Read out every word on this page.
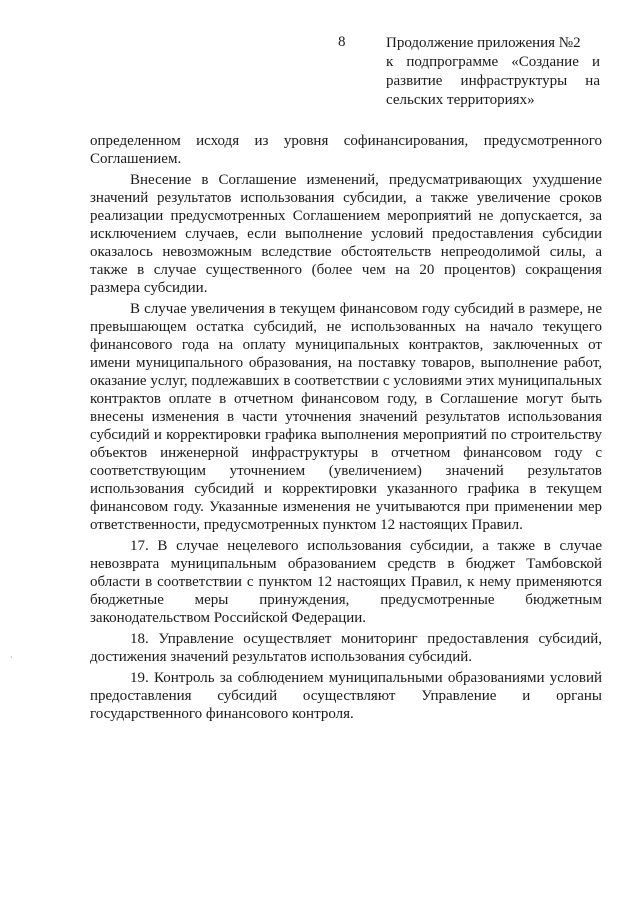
8	Продолжение приложения №2
к подпрограмме «Создание и
развитие инфраструктуры на
сельских территориях»

определенном исходя из уровня софинансирования, предусмотренного Соглашением.

Внесение в Соглашение изменений, предусматривающих ухудшение значений результатов использования субсидии, а также увеличение сроков реализации предусмотренных Соглашением мероприятий не допускается, за исключением случаев, если выполнение условий предоставления субсидии оказалось невозможным вследствие обстоятельств непреодолимой силы, а также в случае существенного (более чем на 20 процентов) сокращения размера субсидии.

В случае увеличения в текущем финансовом году субсидий в размере, не превышающем остатка субсидий, не использованных на начало текущего финансового года на оплату муниципальных контрактов, заключенных от имени муниципального образования, на поставку товаров, выполнение работ, оказание услуг, подлежавших в соответствии с условиями этих муниципальных контрактов оплате в отчетном финансовом году, в Соглашение могут быть внесены изменения в части уточнения значений результатов использования субсидий и корректировки графика выполнения мероприятий по строительству объектов инженерной инфраструктуры в отчетном финансовом году с соответствующим уточнением (увеличением) значений результатов использования субсидий и корректировки указанного графика в текущем финансовом году. Указанные изменения не учитываются при применении мер ответственности, предусмотренных пунктом 12 настоящих Правил.

17. В случае нецелевого использования субсидии, а также в случае невозврата муниципальным образованием средств в бюджет Тамбовской области в соответствии с пунктом 12 настоящих Правил, к нему применяются бюджетные меры принуждения, предусмотренные бюджетным законодательством Российской Федерации.

18. Управление осуществляет мониторинг предоставления субсидий, достижения значений результатов использования субсидий.

19. Контроль за соблюдением муниципальными образованиями условий предоставления субсидий осуществляют Управление и органы государственного финансового контроля.

`
